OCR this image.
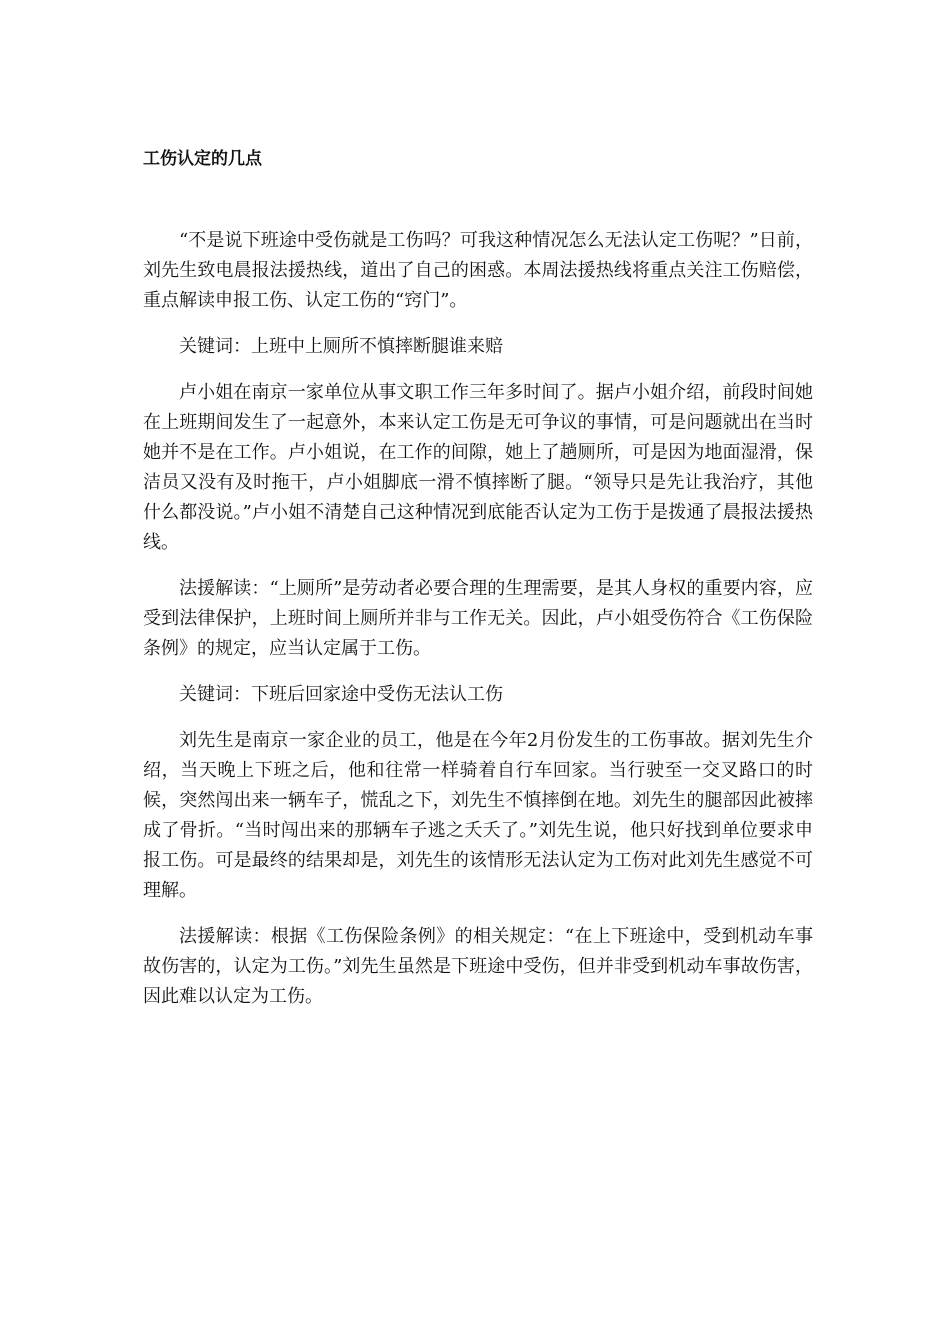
工伤认定的几点

“不是说下班途中受伤就是工伤吗？可我这种情况怎么无法认定工伤呢？”日前，刘先生致电晨报法援热线，道出了自己的困惑。本周法援热线将重点关注工伤赔偿，重点解读申报工伤、认定工伤的“窍门”。

关键词：上班中上厕所不慎摔断腿谁来赔

卢小姐在南京一家单位从事文职工作三年多时间了。据卢小姐介绍，前段时间她在上班期间发生了一起意外，本来认定工伤是无可争议的事情，可是问题就出在当时她并不是在工作。卢小姐说，在工作的间隙，她上了趟厕所，可是因为地面湿滑，保洁员又没有及时拖干，卢小姐脚底一滑不慎摔断了腿。“领导只是先让我治疗，其他什么都没说。”卢小姐不清楚自己这种情况到底能否认定为工伤于是拨通了晨报法援热线。

法援解读：“上厕所”是劳动者必要合理的生理需要，是其人身权的重要内容，应受到法律保护，上班时间上厕所并非与工作无关。因此，卢小姐受伤符合《工伤保险条例》的规定，应当认定属于工伤。

关键词：下班后回家途中受伤无法认工伤

刘先生是南京一家企业的员工，他是在今年2月份发生的工伤事故。据刘先生介绍，当天晚上下班之后，他和往常一样骑着自行车回家。当行驶至一交叉路口的时候，突然闯出来一辆车子，慌乱之下，刘先生不慎摔倒在地。刘先生的腿部因此被摔成了骨折。“当时闯出来的那辆车子逃之夭夭了。”刘先生说，他只好找到单位要求申报工伤。可是最终的结果却是，刘先生的该情形无法认定为工伤对此刘先生感觉不可理解。

法援解读：根据《工伤保险条例》的相关规定：“在上下班途中，受到机动车事故伤害的，认定为工伤。”刘先生虽然是下班途中受伤，但并非受到机动车事故伤害，因此难以认定为工伤。
